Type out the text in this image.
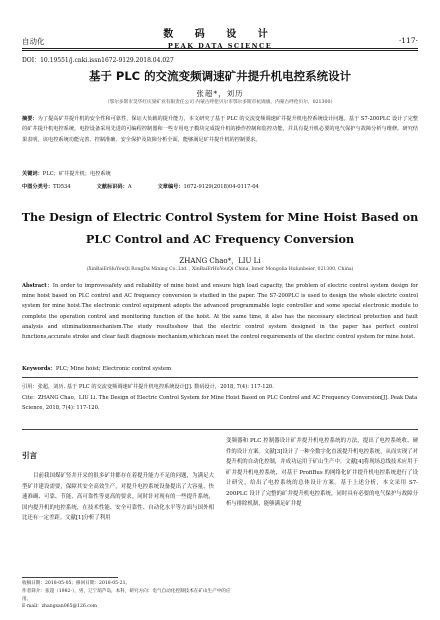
自动化
数 码 设 计
PEAK DATA SCIENCE
·117·
DOI：10.19551/j.cnki.issn1672-9129.2018.04.027
基于 PLC 的交流变频调速矿井提升机电控系统设计
张超*，刘历
（鄂尔多斯市昊华红庆梁矿业有限责任公司 内蒙古呼伦贝尔市鄂尔多斯市杭锦旗，内蒙古呼伦贝尔，021300）
摘要：为了提高矿井提升机的安全性和可靠性，保证大负载的提升能力，本文研究了基于 PLC 的交流变频调速矿井提升机电控系统设计问题。基于 S7-200PLC 设计了完整的矿井提升机电控系统，电控设备采用先进的可编程控制器和一些专用电子模块完成提升机的操作控制和监控功能，并具有提升机必要的电气保护与故障分析与维修。研究结果表明，该电控系统功能完善、控制准确、安全保护及故障分析全面，能够满足矿井提升机的控制要求。
关键词：PLC；矿井提升机；电控系统
中图分类号：TD534	文献标识码：A	文章编号：1672-9129(2018)04-0117-04
The Design of Electric Control System for Mine Hoist Based on PLC Control and AC Frequency Conversion
ZHANG Chao*，LIU Li
(XinBaiErHuYouQi RongDa Mining Co.,Ltd. , XinBaiErHuYouQi China, Inner Mongolia Hulunbeier, 021300, China)
Abstract：In order to improvesafety and reliability of mine hoist and ensure high load capacity, the problem of electric control system design for mine hoist based on PLC control and AC frequency conversion is studied in the paper. The S7-200PLC is used to design the whole electric control system for mine hoist.The electronic control equipment adopts the advanced programmable logic controller and some special electronic module to complete the operation control and monitoring function of the hoist. At the same time, it also has the necessary electrical protection and fault analysis and eliminationmechanism.The study resultsshow that the electric control system designed in the paper has perfect control functions,accurate stroke and clear fault diagnosis mechanism,whichcan meet the control requirements of the electric control system for mine hoist.
Keywords：PLC; Mine hoist; Electronic control system
引用：张超，刘历. 基于 PLC 的交流变频调速矿井提升机电控系统设计[J]. 数码设计，2018, 7(4): 117-120.
Cite：ZHANG Chao，LIU Li. The Design of Electric Control System for Mine Hoist Based on PLC Control and AC Frequency Conversion[J]. Peak Data Science, 2018, 7(4): 117-120.
引言

目前我国煤矿竖井开采的很多矿井都存在着提升能力不足的问题，为满足大型矿井建设需要，保障其安全高效生产，对提升电控系统设备提出了大容量、快速准确、可靠、节能、高可靠性等更高的要求。同时针对现有的一些提升系统，国内提升机的电控系统，在技术性能、安全可靠性、自动化水平等方面与国外相比还有一定差距。文献[1]分析了利用

变频器和 PLC 控制器设计矿井提升机电控系统的方法，提出了电控系统收、硬件的设计方案。文献[3]设计了一种全数字化直流提升机电控系统，从而实现了对提升机的自动化控制，并成功运用于矿山生产中。文献[4]将现场总线技术应用于矿井提升机电控系统，对基于 ProfiBus 的网络化矿井提升机电控系统进行了设计研究，给出了电控系统的总体设计方案。基于上述分析，本文采用 S7-200PLC 设计了完整的矿井提升机电控系统，同时具有必要的电气保护与故障分析与排除机制，能够满足矿井提

收稿日期：2018-05-05；修回日期：2018-05-21。
作者简介：张超（1982-），男，辽宁葫芦岛，本科，研究方向：电气自动化控制技术在矿山生产中的应用。
E-mail：zhangsan065@126.com
